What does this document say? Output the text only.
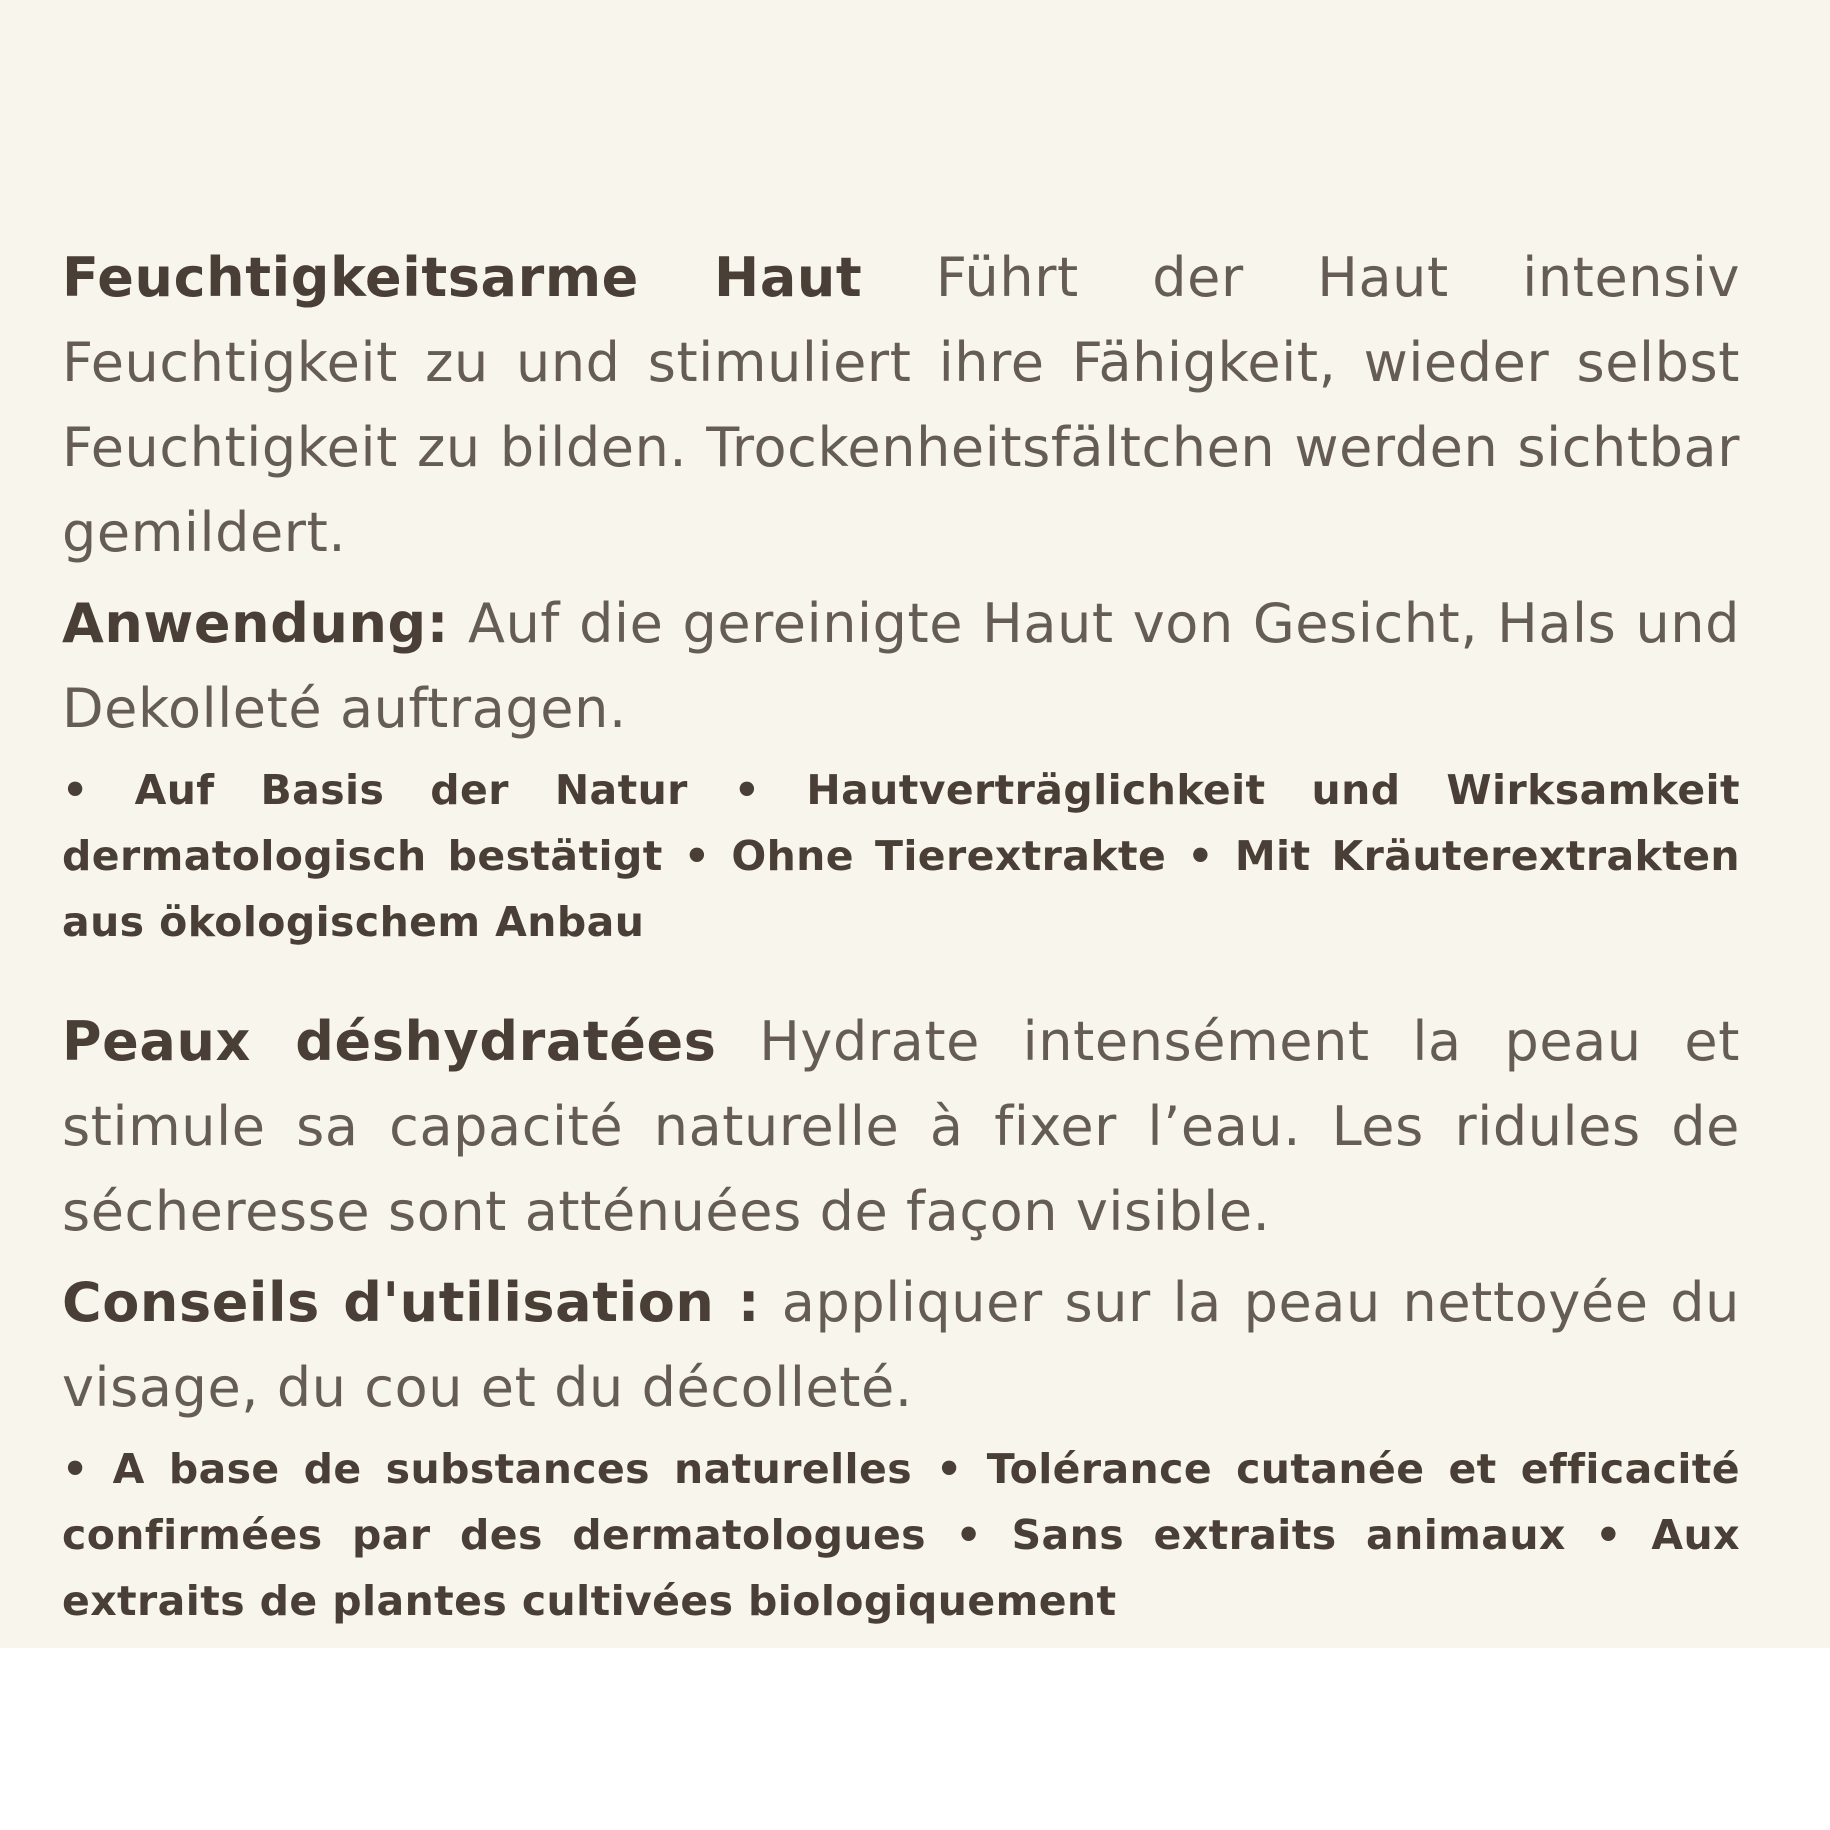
Feuchtigkeitsarme Haut Führt der Haut intensiv Feuchtigkeit zu und stimuliert ihre Fähigkeit, wieder selbst Feuchtigkeit zu bilden. Trockenheitsfältchen werden sichtbar gemildert.

Anwendung: Auf die gereinigte Haut von Gesicht, Hals und Dekolleté auftragen.

• Auf Basis der Natur • Hautverträglichkeit und Wirksamkeit dermatologisch bestätigt • Ohne Tierextrakte • Mit Kräuterextrakten aus ökologischem Anbau

Peaux déshydratées Hydrate intensément la peau et stimule sa capacité naturelle à fixer l’eau. Les ridules de sécheresse sont atténuées de façon visible.

Conseils d'utilisation : appliquer sur la peau nettoyée du visage, du cou et du décolleté.

• A base de substances naturelles • Tolérance cutanée et efficacité confirmées par des dermatologues • Sans extraits animaux • Aux extraits de plantes cultivées biologiquement
